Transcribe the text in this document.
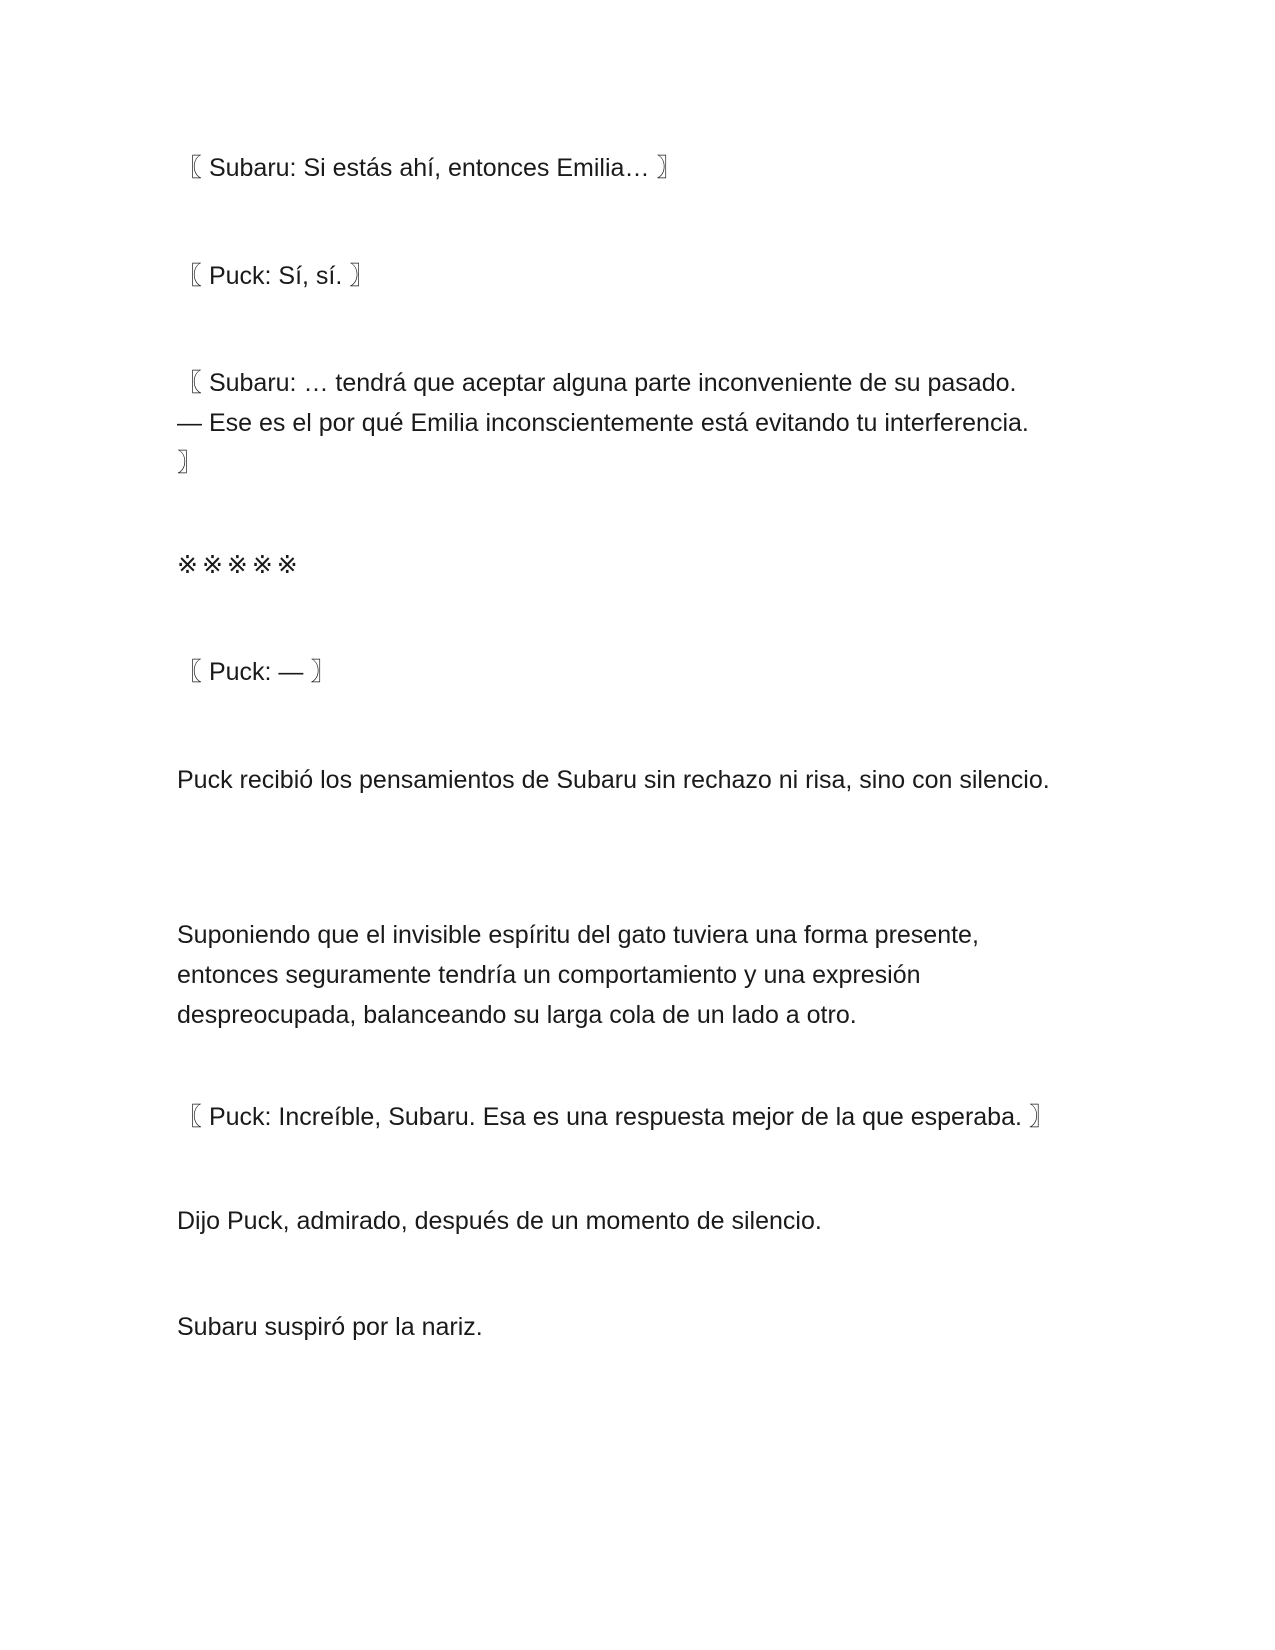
〖 Subaru: Si estás ahí, entonces Emilia… 〗

〖 Puck: Sí, sí. 〗

〖 Subaru: … tendrá que aceptar alguna parte inconveniente de su pasado.
— Ese es el por qué Emilia inconscientemente está evitando tu interferencia.
〗

※※※※※

〖 Puck: — 〗

Puck recibió los pensamientos de Subaru sin rechazo ni risa, sino con silencio.

Suponiendo que el invisible espíritu del gato tuviera una forma presente,
entonces seguramente tendría un comportamiento y una expresión
despreocupada, balanceando su larga cola de un lado a otro.

〖 Puck: Increíble, Subaru. Esa es una respuesta mejor de la que esperaba. 〗

Dijo Puck, admirado, después de un momento de silencio.

Subaru suspiró por la nariz.
